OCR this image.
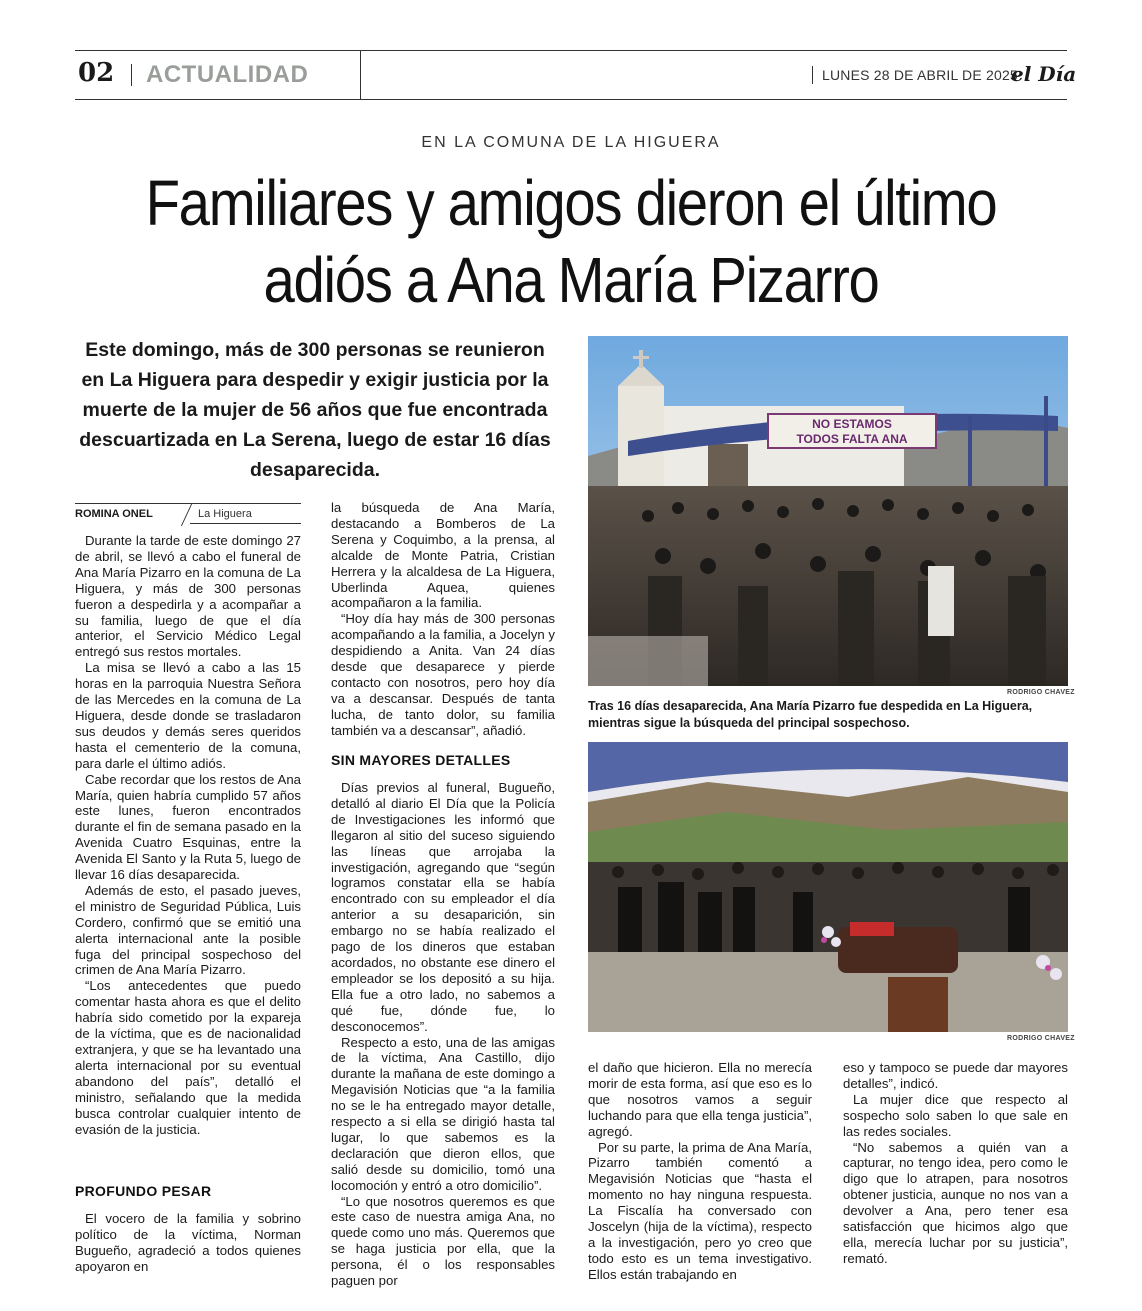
02 ACTUALIDAD	LUNES 28 DE ABRIL DE 2025
el Día
EN LA COMUNA DE LA HIGUERA
Familiares y amigos dieron el último adiós a Ana María Pizarro
Este domingo, más de 300 personas se reunieron en La Higuera para despedir y exigir justicia por la muerte de la mujer de 56 años que fue encontrada descuartizada en La Serena, luego de estar 16 días desaparecida.
ROMINA ONEL	La Higuera

Durante la tarde de este domingo 27 de abril, se llevó a cabo el funeral de Ana María Pizarro en la comuna de La Higuera, y más de 300 personas fueron a despedirla y a acompañar a su familia, luego de que el día anterior, el Servicio Médico Legal entregó sus restos mortales.

La misa se llevó a cabo a las 15 horas en la parroquia Nuestra Señora de las Mercedes en la comuna de La Higuera, desde donde se trasladaron sus deudos y demás seres queridos hasta el cementerio de la comuna, para darle el último adiós.

Cabe recordar que los restos de Ana María, quien habría cumplido 57 años este lunes, fueron encontrados durante el fin de semana pasado en la Avenida Cuatro Esquinas, entre la Avenida El Santo y la Ruta 5, luego de llevar 16 días desaparecida.

Además de esto, el pasado jueves, el ministro de Seguridad Pública, Luis Cordero, confirmó que se emitió una alerta internacional ante la posible fuga del principal sospechoso del crimen de Ana María Pizarro.

“Los antecedentes que puedo comentar hasta ahora es que el delito habría sido cometido por la expareja de la víctima, que es de nacionalidad extranjera, y que se ha levantado una alerta internacional por su eventual abandono del país”, detalló el ministro, señalando que la medida busca controlar cualquier intento de evasión de la justicia.

PROFUNDO PESAR

El vocero de la familia y sobrino político de la víctima, Norman Bugueño, agradeció a todos quienes apoyaron en

la búsqueda de Ana María, destacando a Bomberos de La Serena y Coquimbo, a la prensa, al alcalde de Monte Patria, Cristian Herrera y la alcaldesa de La Higuera, Uberlinda Aquea, quienes acompañaron a la familia.

“Hoy día hay más de 300 personas acompañando a la familia, a Jocelyn y despidiendo a Anita. Van 24 días desde que desaparece y pierde contacto con nosotros, pero hoy día va a descansar. Después de tanta lucha, de tanto dolor, su familia también va a descansar”, añadió.

SIN MAYORES DETALLES

Días previos al funeral, Bugueño, detalló al diario El Día que la Policía de Investigaciones les informó que llegaron al sitio del suceso siguiendo las líneas que arrojaba la investigación, agregando que “según logramos constatar ella se había encontrado con su empleador el día anterior a su desaparición, sin embargo no se había realizado el pago de los dineros que estaban acordados, no obstante ese dinero el empleador se los depositó a su hija. Ella fue a otro lado, no sabemos a qué fue, dónde fue, lo desconocemos”.

Respecto a esto, una de las amigas de la víctima, Ana Castillo, dijo durante la mañana de este domingo a Megavisión Noticias que “a la familia no se le ha entregado mayor detalle, respecto a si ella se dirigió hasta tal lugar, lo que sabemos es la declaración que dieron ellos, que salió desde su domicilio, tomó una locomoción y entró a otro domicilio”.

“Lo que nosotros queremos es que este caso de nuestra amiga Ana, no quede como uno más. Queremos que se haga justicia por ella, que la persona, él o los responsables paguen por

NO ESTAMOS
TODOS FALTA ANA
RODRIGO CHAVEZ
Tras 16 días desaparecida, Ana María Pizarro fue despedida en La Higuera, mientras sigue la búsqueda del principal sospechoso.
RODRIGO CHAVEZ

el daño que hicieron. Ella no merecía morir de esta forma, así que eso es lo que nosotros vamos a seguir luchando para que ella tenga justicia”, agregó.

Por su parte, la prima de Ana María, Pizarro también comentó a Megavisión Noticias que “hasta el momento no hay ninguna respuesta. La Fiscalía ha conversado con Joscelyn (hija de la víctima), respecto a la investigación, pero yo creo que todo esto es un tema investigativo. Ellos están trabajando en

eso y tampoco se puede dar mayores detalles”, indicó.

La mujer dice que respecto al sospecho solo saben lo que sale en las redes sociales.

“No sabemos a quién van a capturar, no tengo idea, pero como le digo que lo atrapen, para nosotros obtener justicia, aunque no nos van a devolver a Ana, pero tener esa satisfacción que hicimos algo que ella, merecía luchar por su justicia”, remató.
